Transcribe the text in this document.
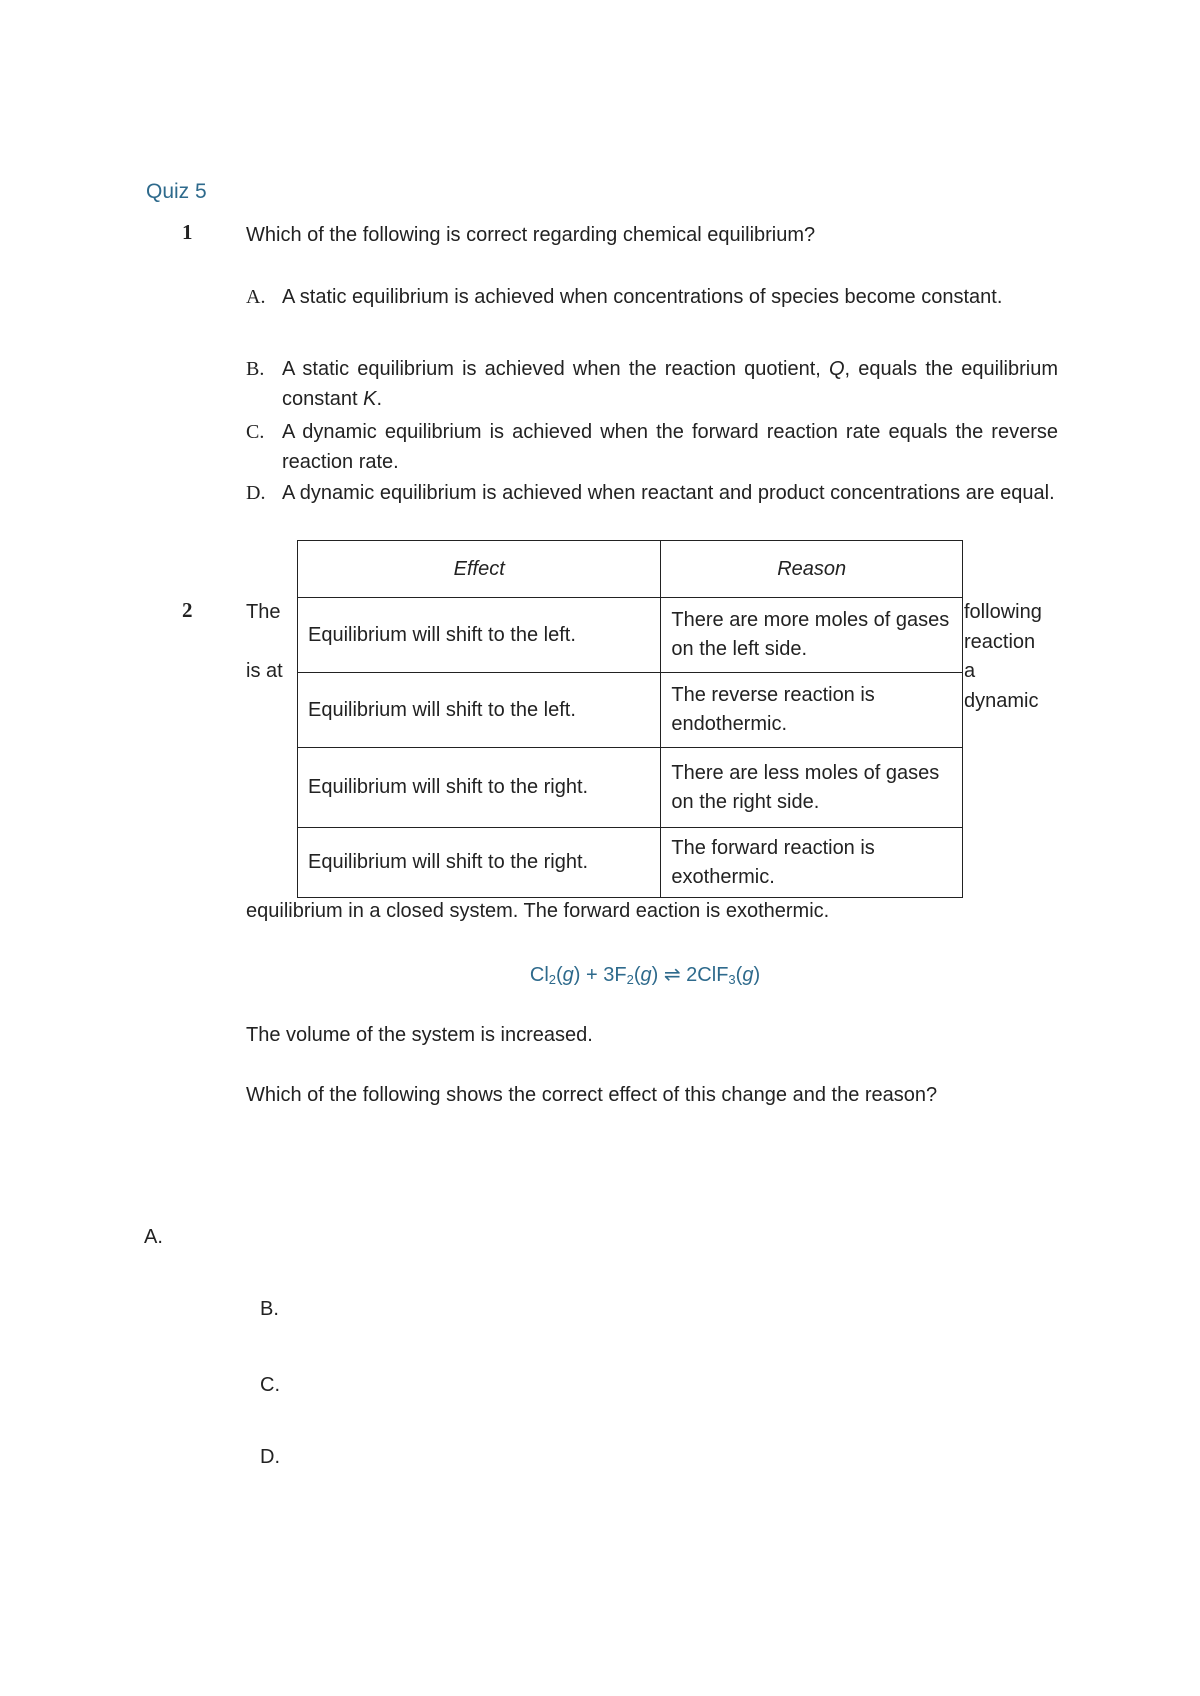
Quiz 5
1	Which of the following is correct regarding chemical equilibrium?
A. A static equilibrium is achieved when concentrations of species become constant.
B. A static equilibrium is achieved when the reaction quotient, Q, equals the equilibrium constant K.
C. A dynamic equilibrium is achieved when the forward reaction rate equals the reverse reaction rate.
D. A dynamic equilibrium is achieved when reactant and product concentrations are equal.
2	The
is at
following
reaction
a
dynamic
Effect	Reason
Equilibrium will shift to the left.	There are more moles of gases on the left side.
Equilibrium will shift to the left.	The reverse reaction is endothermic.
Equilibrium will shift to the right.	There are less moles of gases on the right side.
Equilibrium will shift to the right.	The forward reaction is exothermic.
equilibrium in a closed system. The forward eaction is exothermic.
$Cl_2(g) + 3F_2(g)$ ⇌ 2ClF$_3$(g)
The volume of the system is increased.
Which of the following shows the correct effect of this change and the reason?
A.
B.
C.
D.
